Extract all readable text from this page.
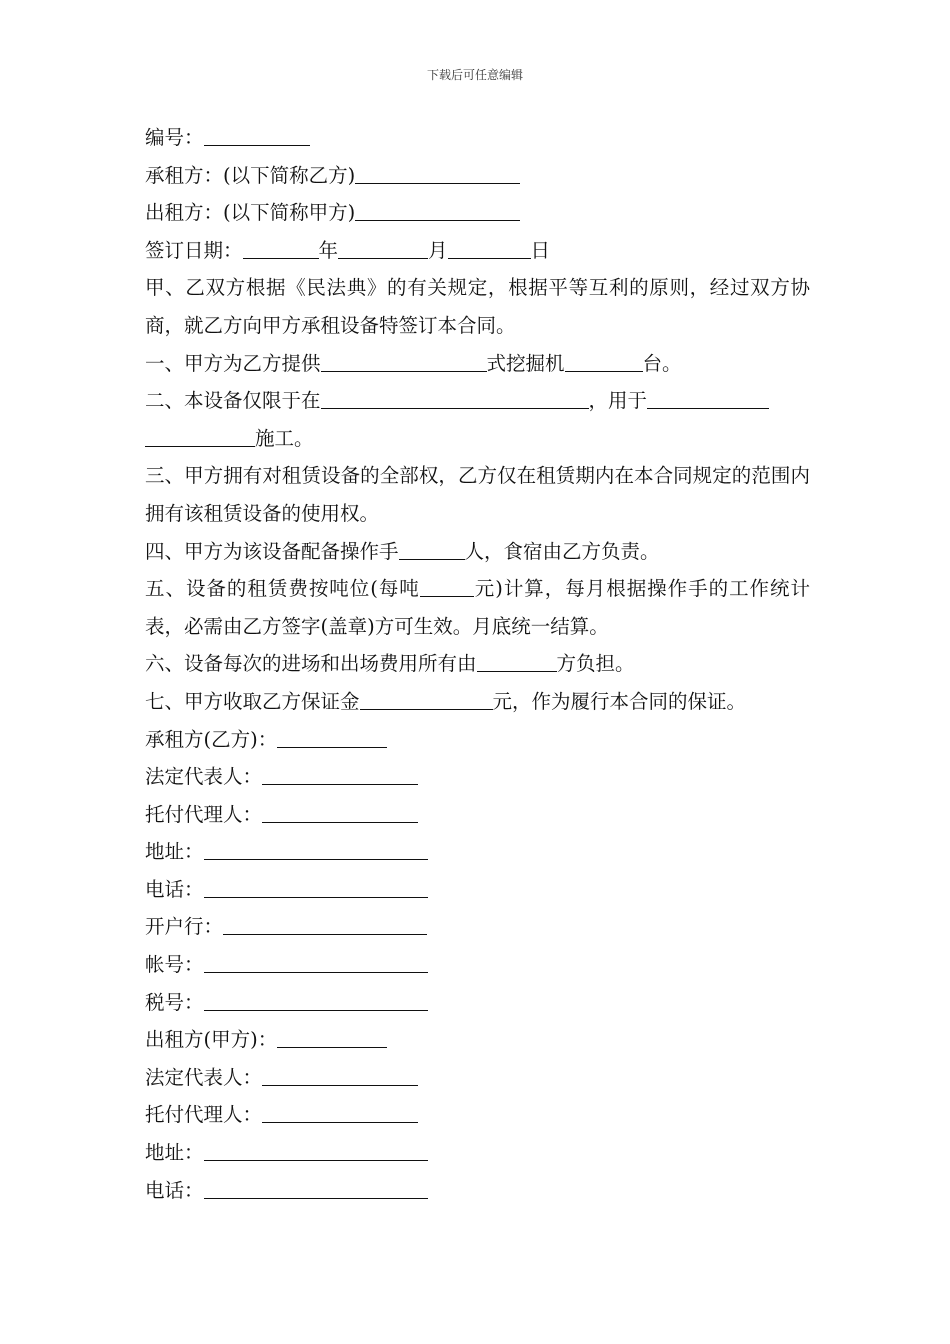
下载后可任意编辑
编号：
承租方：(以下简称乙方)
出租方：(以下简称甲方)
签订日期：	年	月	日
甲、乙双方根据《民法典》的有关规定，根据平等互利的原则，经过双方协商，就乙方向甲方承租设备特签订本合同。
一、甲方为乙方提供	式挖掘机	台。
二、本设备仅限于在	，用于
施工。
三、甲方拥有对租赁设备的全部权，乙方仅在租赁期内在本合同规定的范围内拥有该租赁设备的使用权。
四、甲方为该设备配备操作手	人，食宿由乙方负责。
五、设备的租赁费按吨位(每吨	元)计算，每月根据操作手的工作统计表，必需由乙方签字(盖章)方可生效。月底统一结算。
六、设备每次的进场和出场费用所有由	方负担。
七、甲方收取乙方保证金	元，作为履行本合同的保证。
承租方(乙方)：
法定代表人：
托付代理人：
地址：
电话：
开户行：
帐号：
税号：
出租方(甲方)：
法定代表人：
托付代理人：
地址：
电话：
